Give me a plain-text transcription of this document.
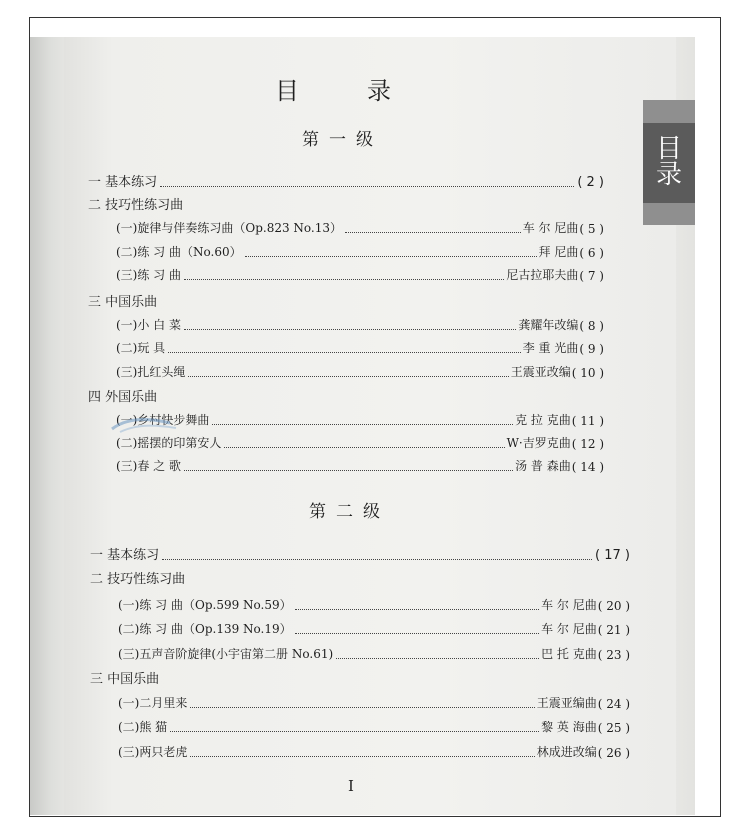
目
录
目录
第一级
一 基本练习	( 2 )
二 技巧性练习曲
(一)旋律与伴奏练习曲（Op.823 No.13）	车 尔 尼曲 ( 5 )
(二)练 习 曲（No.60）	拜 尼曲 ( 6 )
(三)练 习 曲	尼古拉耶夫曲 ( 7 )
三 中国乐曲
(一)小 白 菜	龚耀年改编 ( 8 )
(二)玩 具	李 重 光曲 ( 9 )
(三)扎红头绳	王震亚改编 ( 10 )
四 外国乐曲
(一)乡村快步舞曲	克 拉 克曲 ( 11 )
(二)摇摆的印第安人	W·吉罗克曲 ( 12 )
(三)春 之 歌	汤 普 森曲 ( 14 )
第二级
一 基本练习	( 17 )
二 技巧性练习曲
(一)练 习 曲（Op.599 No.59）	车 尔 尼曲 ( 20 )
(二)练 习 曲（Op.139 No.19）	车 尔 尼曲 ( 21 )
(三)五声音阶旋律(小宇宙第二册 No.61)	巴 托 克曲 ( 23 )
三 中国乐曲
(一)二月里来	王震亚编曲 ( 24 )
(二)熊 猫	黎 英 海曲 ( 25 )
(三)两只老虎	林成进改编 ( 26 )
I
